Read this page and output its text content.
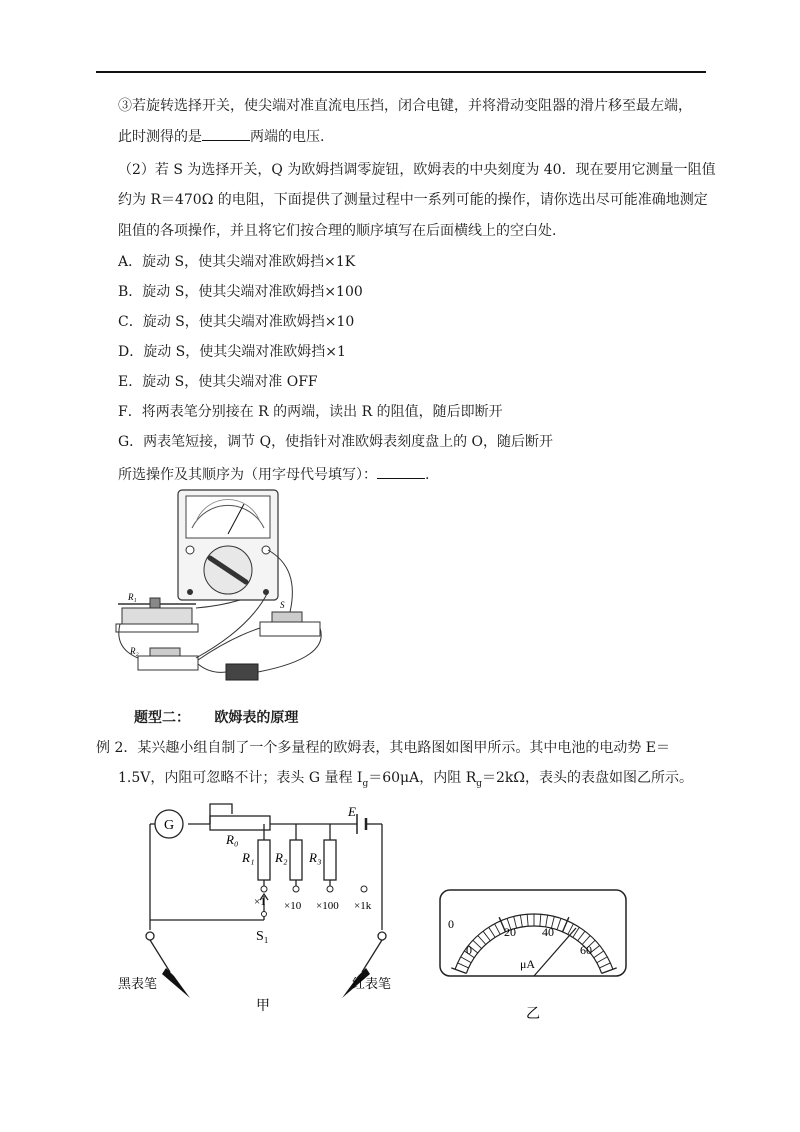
③若旋转选择开关，使尖端对准直流电压挡，闭合电键，并将滑动变阻器的滑片移至最左端，
此时测得的是	两端的电压.
（2）若 S 为选择开关，Q 为欧姆挡调零旋钮，欧姆表的中央刻度为 40．现在要用它测量一阻值
约为 R＝470Ω 的电阻，下面提供了测量过程中一系列可能的操作，请你选出尽可能准确地测定
阻值的各项操作，并且将它们按合理的顺序填写在后面横线上的空白处.
A．旋动 S，使其尖端对准欧姆挡×1K
B．旋动 S，使其尖端对准欧姆挡×100
C．旋动 S，使其尖端对准欧姆挡×10
D．旋动 S，使其尖端对准欧姆挡×1
E．旋动 S，使其尖端对准 OFF
F．将两表笔分别接在 R 的两端，读出 R 的阻值，随后即断开
G．两表笔短接，调节 Q，使指针对准欧姆表刻度盘上的 O，随后断开
所选操作及其顺序为（用字母代号填写）：	.
R₁
R₂
S
题型二： 欧姆表的原理
例 2．某兴趣小组自制了一个多量程的欧姆表，其电路图如图甲所示。其中电池的电动势 E＝
1.5V，内阻可忽略不计；表头 G 量程 $I_g=60\mu A$，内阻 $R_g=2k\Omega$，表头的表盘如图乙所示。
G
E
R₀
R₁ R₂ R₃
×1 ×10 ×100 ×1k
S₁
黑表笔	红表笔
甲
0
0
20 40
60
μA
乙
